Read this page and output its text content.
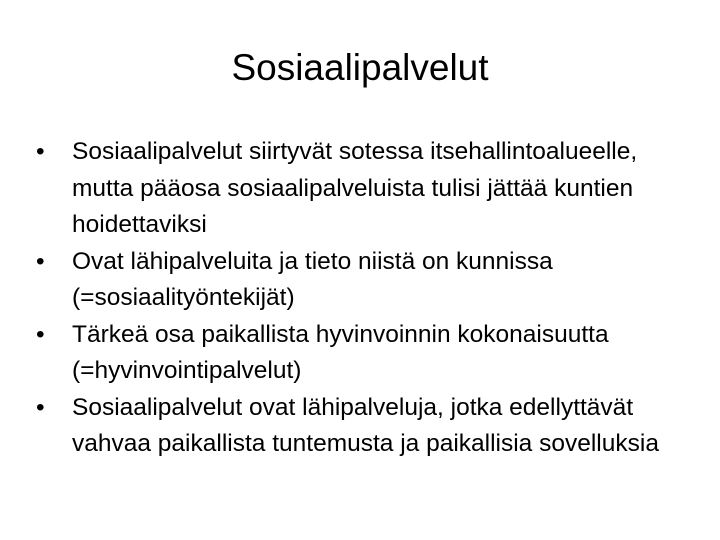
Sosiaalipalvelut
•	Sosiaalipalvelut siirtyvät sotessa itsehallintoalueelle, mutta pääosa sosiaalipalveluista tulisi jättää kuntien hoidettaviksi
•	Ovat lähipalveluita ja tieto niistä on kunnissa (=sosiaalityöntekijät)
•	Tärkeä osa paikallista hyvinvoinnin kokonaisuutta (=hyvinvointipalvelut)
•	Sosiaalipalvelut ovat lähipalveluja, jotka edellyttävät vahvaa paikallista tuntemusta ja paikallisia sovelluksia
